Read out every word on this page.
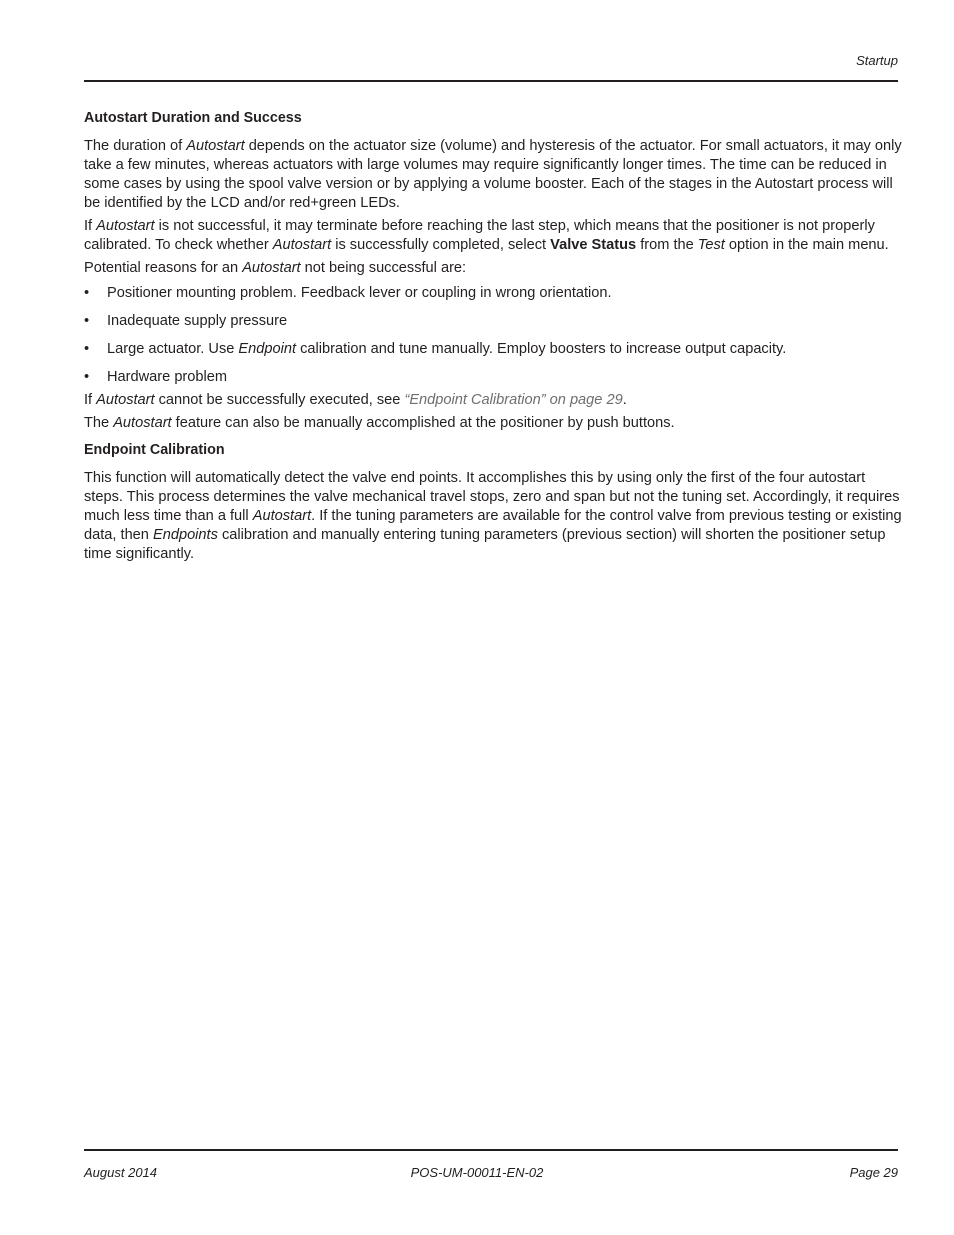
Startup
Autostart Duration and Success

The duration of Autostart depends on the actuator size (volume) and hysteresis of the actuator. For small actuators, it may only take a few minutes, whereas actuators with large volumes may require significantly longer times. The time can be reduced in some cases by using the spool valve version or by applying a volume booster. Each of the stages in the Autostart process will be identified by the LCD and/or red+green LEDs.

If Autostart is not successful, it may terminate before reaching the last step, which means that the positioner is not properly calibrated. To check whether Autostart is successfully completed, select Valve Status from the Test option in the main menu.

Potential reasons for an Autostart not being successful are:

• Positioner mounting problem. Feedback lever or coupling in wrong orientation.
• Inadequate supply pressure
• Large actuator. Use Endpoint calibration and tune manually. Employ boosters to increase output capacity.
• Hardware problem

If Autostart cannot be successfully executed, see “Endpoint Calibration” on page 29.

The Autostart feature can also be manually accomplished at the positioner by push buttons.

Endpoint Calibration

This function will automatically detect the valve end points. It accomplishes this by using only the first of the four autostart steps. This process determines the valve mechanical travel stops, zero and span but not the tuning set. Accordingly, it requires much less time than a full Autostart. If the tuning parameters are available for the control valve from previous testing or existing data, then Endpoints calibration and manually entering tuning parameters (previous section) will shorten the positioner setup time significantly.

August 2014	POS-UM-00011-EN-02	Page 29
